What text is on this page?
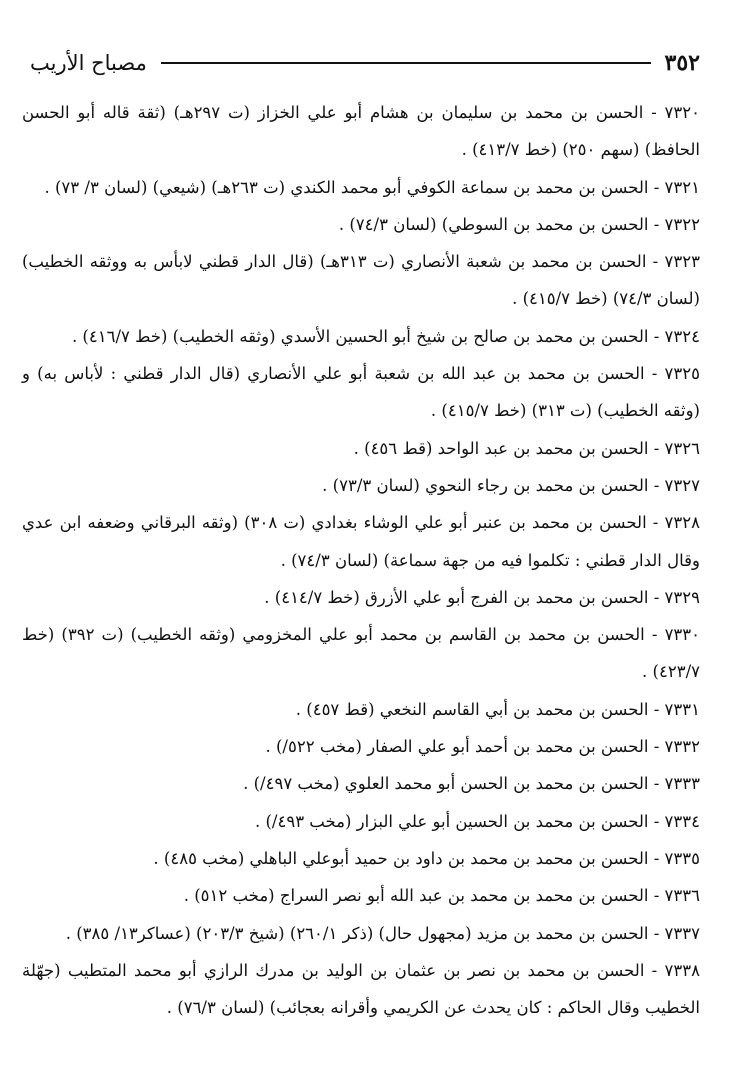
٣٥٢
مصباح الأريب

٧٣٢٠ - الحسن بن محمد بن سليمان بن هشام أبو علي الخزاز (ت ٢٩٧هـ) (ثقة قاله أبو الحسن الحافظ) (سهم ٢٥٠) (خط ٤١٣/٧) .

٧٣٢١ - الحسن بن محمد بن سماعة الكوفي أبو محمد الكندي (ت ٢٦٣هـ) (شيعي) (لسان ٣/ ٧٣) .

٧٣٢٢ - الحسن بن محمد بن السوطي) (لسان ٧٤/٣) .

٧٣٢٣ - الحسن بن محمد بن شعبة الأنصاري (ت ٣١٣هـ) (قال الدار قطني لابأس به ووثقه الخطيب) (لسان ٧٤/٣) (خط ٤١٥/٧) .

٧٣٢٤ - الحسن بن محمد بن صالح بن شيخ أبو الحسين الأسدي (وثقه الخطيب) (خط ٤١٦/٧) .

٧٣٢٥ - الحسن بن محمد بن عبد الله بن شعبة أبو علي الأنصاري (قال الدار قطني : لأباس به) و (وثقه الخطيب) (ت ٣١٣) (خط ٤١٥/٧) .

٧٣٢٦ - الحسن بن محمد بن عبد الواحد (قط ٤٥٦) .

٧٣٢٧ - الحسن بن محمد بن رجاء النحوي (لسان ٧٣/٣) .

٧٣٢٨ - الحسن بن محمد بن عنبر أبو علي الوشاء بغدادي (ت ٣٠٨) (وثقه البرقاني وضعفه ابن عدي وقال الدار قطني : تكلموا فيه من جهة سماعة) (لسان ٧٤/٣) .

٧٣٢٩ - الحسن بن محمد بن الفرج أبو علي الأزرق (خط ٤١٤/٧) .

٧٣٣٠ - الحسن بن محمد بن القاسم بن محمد أبو علي المخزومي (وثقه الخطيب) (ت ٣٩٢) (خط ٤٢٣/٧) .

٧٣٣١ - الحسن بن محمد بن أبي القاسم النخعي (قط ٤٥٧) .

٧٣٣٢ - الحسن بن محمد بن أحمد أبو علي الصفار (مخب ٥٢٢/) .

٧٣٣٣ - الحسن بن محمد بن الحسن أبو محمد العلوي (مخب ٤٩٧/) .

٧٣٣٤ - الحسن بن محمد بن الحسين أبو علي البزار (مخب ٤٩٣/) .

٧٣٣٥ - الحسن بن محمد بن محمد بن داود بن حميد أبوعلي الباهلي (مخب ٤٨٥) .

٧٣٣٦ - الحسن بن محمد بن محمد بن عبد الله أبو نصر السراج (مخب ٥١٢) .

٧٣٣٧ - الحسن بن محمد بن مزيد (مجهول حال) (ذكر ٢٦٠/١) (شيخ ٢٠٣/٣) (عساكر١٣/ ٣٨٥) .

٧٣٣٨ - الحسن بن محمد بن نصر بن عثمان بن الوليد بن مدرك الرازي أبو محمد المتطيب (جهّلة الخطيب وقال الحاكم : كان يحدث عن الكريمي وأقرانه بعجائب) (لسان ٧٦/٣) .
